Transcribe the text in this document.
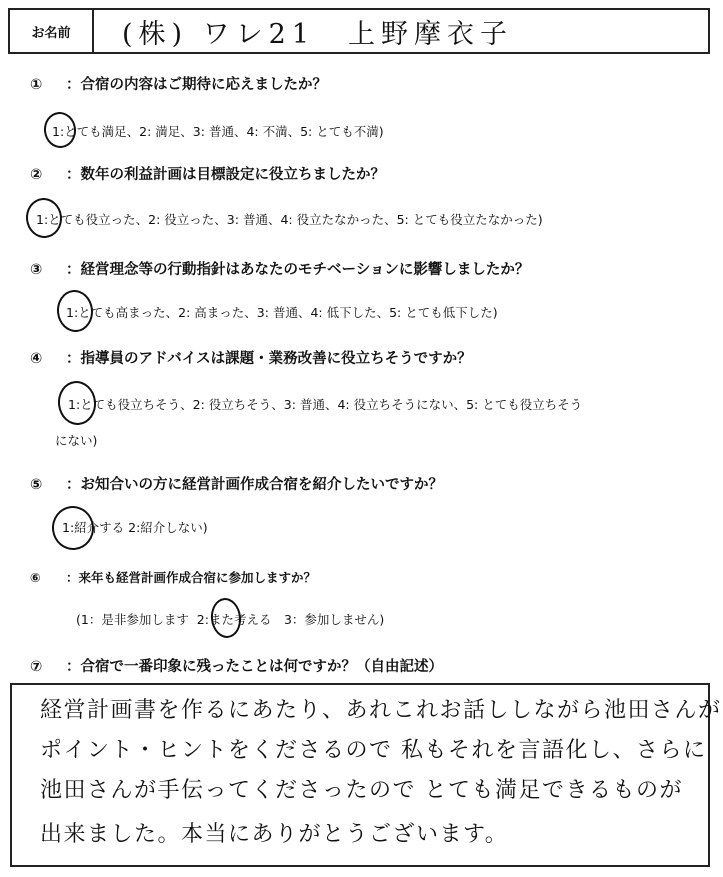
お名前	(株) ワレ21　上野摩衣子
① ：合宿の内容はご期待に応えましたか？
1:とても満足、2: 満足、3: 普通、4: 不満、5: とても不満)
② ：数年の利益計画は目標設定に役立ちましたか？
1:とても役立った、2: 役立った、3: 普通、4: 役立たなかった、5: とても役立たなかった)
③ ：経営理念等の行動指針はあなたのモチベーションに影響しましたか？
1:とても高まった、2: 高まった、3: 普通、4: 低下した、5: とても低下した)
④ ：指導員のアドバイスは課題・業務改善に役立ちそうですか？
1:とても役立ちそう、2: 役立ちそう、3: 普通、4: 役立ちそうにない、5: とても役立ちそう
にない)
⑤ ：お知合いの方に経営計画作成合宿を紹介したいですか？
1:紹介する 2:紹介しない)
⑥ ：来年も経営計画作成合宿に参加しますか？
(1：是非参加します 2:また考える　3：参加しません)
⑦ ：合宿で一番印象に残ったことは何ですか？（自由記述）
経営計画書を作るにあたり、あれこれお話ししながら池田さんが
ポイント・ヒントをくださるので 私もそれを言語化し、さらに
池田さんが手伝ってくださったので とても満足できるものが
出来ました。本当にありがとうございます。
